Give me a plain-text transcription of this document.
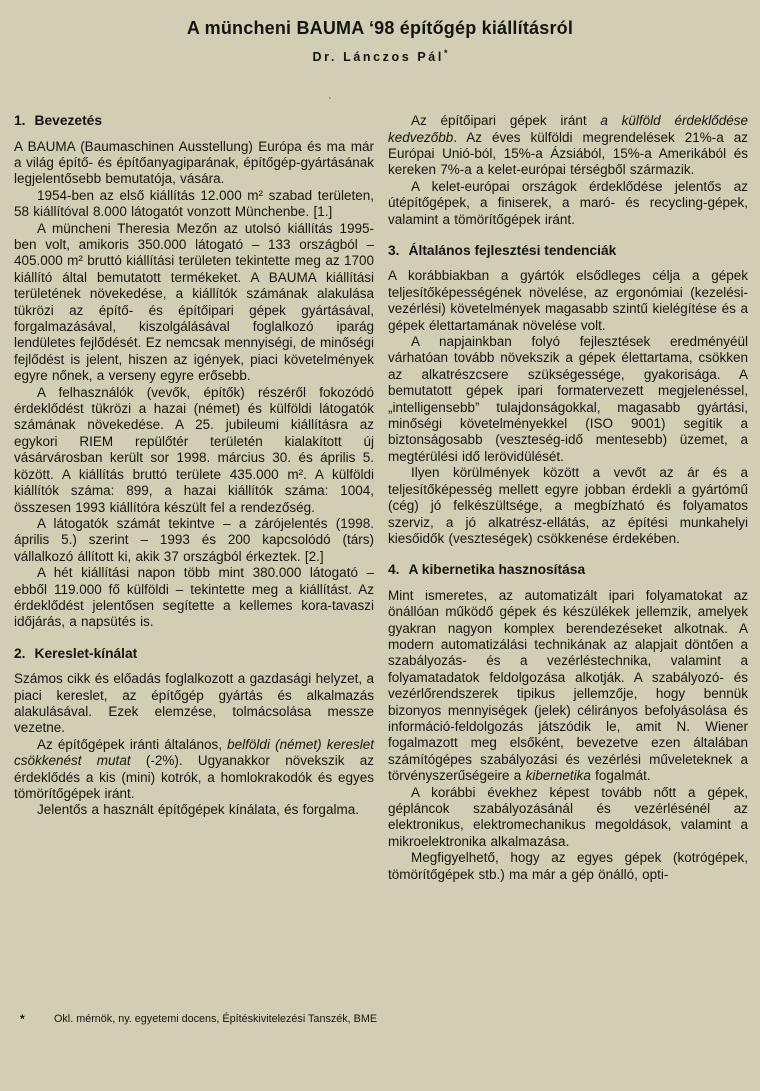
A müncheni BAUMA ‘98 építőgép kiállításról
Dr. Lánczos Pál*
·
1. Bevezetés

A BAUMA (Baumaschinen Ausstellung) Európa és ma már a világ építő- és építőanyagiparának, építőgép-gyártásának legjelentősebb bemutatója, vására.

1954-ben az első kiállítás 12.000 m² szabad területen, 58 kiállítóval 8.000 látogatót vonzott Münchenbe. [1.]

A müncheni Theresia Mezőn az utolsó kiállítás 1995-ben volt, amikoris 350.000 látogató – 133 országból – 405.000 m² bruttó kiállítási területen tekintette meg az 1700 kiállító által bemutatott termékeket. A BAUMA kiállítási területének növekedése, a kiállítók számának alakulása tükrözi az építő- és építőipari gépek gyártásával, forgalmazásával, kiszolgálásával foglalkozó iparág lendületes fejlődését. Ez nemcsak mennyiségi, de minőségi fejlődést is jelent, hiszen az igények, piaci követelmények egyre nőnek, a verseny egyre erősebb.

A felhasználók (vevők, építők) részéről fokozódó érdeklődést tükrözi a hazai (német) és külföldi látogatók számának növekedése. A 25. jubileumi kiállításra az egykori RIEM repülőtér területén kialakított új vásárvárosban került sor 1998. március 30. és április 5. között. A kiállítás bruttó területe 435.000 m². A külföldi kiállítók száma: 899, a hazai kiállítók száma: 1004, összesen 1993 kiállítóra készült fel a rendezőség.

A látogatók számát tekintve – a zárójelentés (1998. április 5.) szerint – 1993 és 200 kapcsolódó (társ) vállalkozó állított ki, akik 37 országból érkeztek. [2.]

A hét kiállítási napon több mint 380.000 látogató – ebből 119.000 fő külföldi – tekintette meg a kiállítást. Az érdeklődést jelentősen segítette a kellemes kora-tavaszi időjárás, a napsütés is.

2. Kereslet-kínálat

Számos cikk és előadás foglalkozott a gazdasági helyzet, a piaci kereslet, az építőgép gyártás és alkalmazás alakulásával. Ezek elemzése, tolmácsolása messze vezetne.

Az építőgépek iránti általános, belföldi (német) kereslet csökkenést mutat (-2%). Ugyanakkor növekszik az érdeklődés a kis (mini) kotrók, a homlokrakodók és egyes tömörítőgépek iránt.

Jelentős a használt építőgépek kínálata, és forgalma.

Az építőipari gépek iránt a külföld érdeklődése kedvezőbb. Az éves külföldi megrendelések 21%-a az Európai Unió-ból, 15%-a Ázsiából, 15%-a Amerikából és kereken 7%-a a kelet-európai térségből származik.

A kelet-európai országok érdeklődése jelentős az útépítőgépek, a finiserek, a maró- és recycling-gépek, valamint a tömörítőgépek iránt.

3. Általános fejlesztési tendenciák

A korábbiakban a gyártók elsődleges célja a gépek teljesítőképességének növelése, az ergonómiai (kezelési-vezérlési) követelmények magasabb szintű kielégítése és a gépek élettartamának növelése volt.

A napjainkban folyó fejlesztések eredményéül várhatóan tovább növekszik a gépek élettartama, csökken az alkatrészcsere szükségessége, gyakorisága. A bemutatott gépek ipari formatervezett megjelenéssel, „intelligensebb” tulajdonságokkal, magasabb gyártási, minőségi követelményekkel (ISO 9001) segítik a biztonságosabb (veszteség-idő mentesebb) üzemet, a megtérülési idő lerövidülését.

Ilyen körülmények között a vevőt az ár és a teljesítőképesség mellett egyre jobban érdekli a gyártómű (cég) jó felkészültsége, a megbízható és folyamatos szerviz, a jó alkatrész-ellátás, az építési munkahelyi kiesőidők (veszteségek) csökkenése érdekében.

4. A kibernetika hasznosítása

Mint ismeretes, az automatizált ipari folyamatokat az önállóan működő gépek és készülékek jellemzik, amelyek gyakran nagyon komplex berendezéseket alkotnak. A modern automatizálási technikának az alapjait döntően a szabályozás- és a vezérléstechnika, valamint a folyamatadatok feldolgozása alkotják. A szabályozó- és vezérlőrendszerek tipikus jellemzője, hogy bennük bizonyos mennyiségek (jelek) célirányos befolyásolása és információ-feldolgozás játszódik le, amit N. Wiener fogalmazott meg elsőként, bevezetve ezen általában számítógépes szabályozási és vezérlési műveleteknek a törvényszerűségeire a kibernetika fogalmát.

A korábbi évekhez képest tovább nőtt a gépek, gépláncok szabályozásánál és vezérlésénél az elektronikus, elektromechanikus megoldások, valamint a mikroelektronika alkalmazása.

Megfigyelhető, hogy az egyes gépek (kotrógépek, tömörítőgépek stb.) ma már a gép önálló, opti-

*	Okl. mérnök, ny. egyetemi docens, Építéskivitelezési Tanszék, BME
